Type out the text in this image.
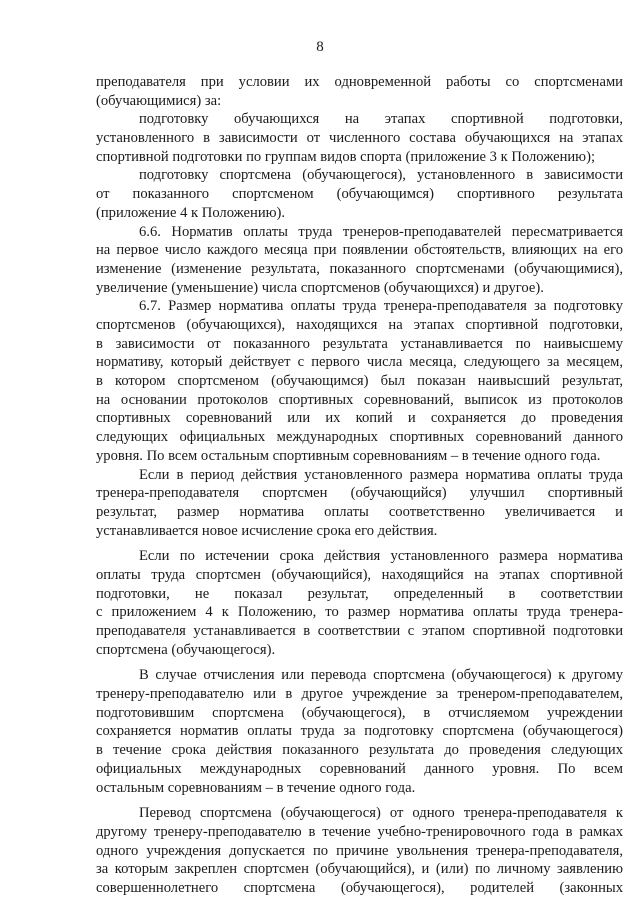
8
преподавателя при условии их одновременной работы со спортсменами
(обучающимися) за:
подготовку обучающихся на этапах спортивной подготовки,
установленного в зависимости от численного состава обучающихся на этапах
спортивной подготовки по группам видов спорта (приложение 3 к Положению);
подготовку спортсмена (обучающегося), установленного в зависимости
от показанного спортсменом (обучающимся) спортивного результата
(приложение 4 к Положению).
6.6. Норматив оплаты труда тренеров-преподавателей пересматривается
на первое число каждого месяца при появлении обстоятельств, влияющих на его
изменение (изменение результата, показанного спортсменами (обучающимися),
увеличение (уменьшение) числа спортсменов (обучающихся) и другое).
6.7. Размер норматива оплаты труда тренера-преподавателя за подготовку
спортсменов (обучающихся), находящихся на этапах спортивной подготовки,
в зависимости от показанного результата устанавливается по наивысшему
нормативу, который действует с первого числа месяца, следующего за месяцем,
в котором спортсменом (обучающимся) был показан наивысший результат,
на основании протоколов спортивных соревнований, выписок из протоколов
спортивных соревнований или их копий и сохраняется до проведения
следующих официальных международных спортивных соревнований данного
уровня. По всем остальным спортивным соревнованиям – в течение одного года.
Если в период действия установленного размера норматива оплаты труда
тренера-преподавателя спортсмен (обучающийся) улучшил спортивный
результат, размер норматива оплаты соответственно увеличивается и
устанавливается новое исчисление срока его действия.
Если по истечении срока действия установленного размера норматива
оплаты труда спортсмен (обучающийся), находящийся на этапах спортивной
подготовки, не показал результат, определенный в соответствии
с приложением 4 к Положению, то размер норматива оплаты труда тренера-
преподавателя устанавливается в соответствии с этапом спортивной подготовки
спортсмена (обучающегося).
В случае отчисления или перевода спортсмена (обучающегося) к другому
тренеру-преподавателю или в другое учреждение за тренером-преподавателем,
подготовившим спортсмена (обучающегося), в отчисляемом учреждении
сохраняется норматив оплаты труда за подготовку спортсмена (обучающегося)
в течение срока действия показанного результата до проведения следующих
официальных международных соревнований данного уровня. По всем
остальным соревнованиям – в течение одного года.
Перевод спортсмена (обучающегося) от одного тренера-преподавателя к
другому тренеру-преподавателю в течение учебно-тренировочного года в рамках
одного учреждения допускается по причине увольнения тренера-преподавателя,
за которым закреплен спортсмен (обучающийся), и (или) по личному заявлению
совершеннолетнего спортсмена (обучающегося), родителей (законных
